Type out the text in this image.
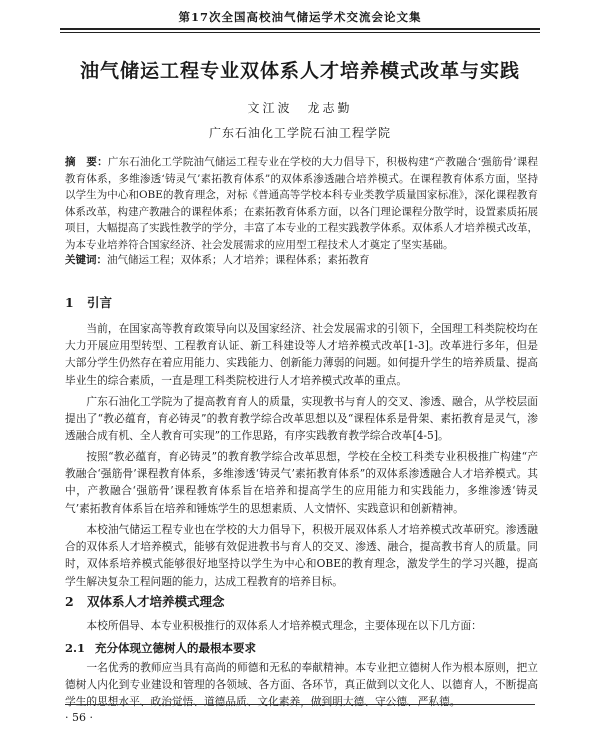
第17次全国高校油气储运学术交流会论文集
油气储运工程专业双体系人才培养模式改革与实践
文江波　龙志勤
广东石油化工学院石油工程学院
摘　要：广东石油化工学院油气储运工程专业在学校的大力倡导下，积极构建“产教融合‘强筋骨’课程教育体系，多维渗透‘铸灵气’素拓教育体系”的双体系渗透融合培养模式。在课程教育体系方面，坚持以学生为中心和OBE的教育理念，对标《普通高等学校本科专业类教学质量国家标准》，深化课程教育体系改革，构建产教融合的课程体系；在素拓教育体系方面，以各门理论课程分散学时，设置素质拓展项目，大幅提高了实践性教学的学分，丰富了本专业的工程实践教学体系。双体系人才培养模式改革，为本专业培养符合国家经济、社会发展需求的应用型工程技术人才奠定了坚实基础。
关键词：油气储运工程；双体系；人才培养；课程体系；素拓教育
1 引言
当前，在国家高等教育政策导向以及国家经济、社会发展需求的引领下，全国理工科类院校均在大力开展应用型转型、工程教育认证、新工科建设等人才培养模式改革[1-3]。改革进行多年，但是大部分学生仍然存在着应用能力、实践能力、创新能力薄弱的问题。如何提升学生的培养质量、提高毕业生的综合素质，一直是理工科类院校进行人才培养模式改革的重点。
广东石油化工学院为了提高教育育人的质量，实现教书与育人的交叉、渗透、融合，从学校层面提出了“教必蕴育，育必铸灵”的教育教学综合改革思想以及“课程体系是骨架、素拓教育是灵气，渗透融合成有机、全人教育可实现”的工作思路，有序实践教育教学综合改革[4-5]。
按照“教必蕴育，育必铸灵”的教育教学综合改革思想，学校在全校工科类专业积极推广构建“产教融合‘强筋骨’课程教育体系，多维渗透‘铸灵气’素拓教育体系”的双体系渗透融合人才培养模式。其中，产教融合‘强筋骨’课程教育体系旨在培养和提高学生的应用能力和实践能力，多维渗透‘铸灵气’素拓教育体系旨在培养和锤炼学生的思想素质、人文情怀、实践意识和创新精神。
本校油气储运工程专业也在学校的大力倡导下，积极开展双体系人才培养模式改革研究。渗透融合的双体系人才培养模式，能够有效促进教书与育人的交叉、渗透、融合，提高教书育人的质量。同时，双体系培养模式能够很好地坚持以学生为中心和OBE的教育理念，激发学生的学习兴趣，提高学生解决复杂工程问题的能力，达成工程教育的培养目标。
2 双体系人才培养模式理念
本校所倡导、本专业积极推行的双体系人才培养模式理念，主要体现在以下几方面：
2.1 充分体现立德树人的最根本要求
一名优秀的教师应当具有高尚的师德和无私的奉献精神。本专业把立德树人作为根本原则，把立德树人内化到专业建设和管理的各领域、各方面、各环节，真正做到以文化人、以德育人，不断提高学生的思想水平、政治觉悟、道德品质、文化素养，做到明大德、守公德、严私德。
· 56 ·
